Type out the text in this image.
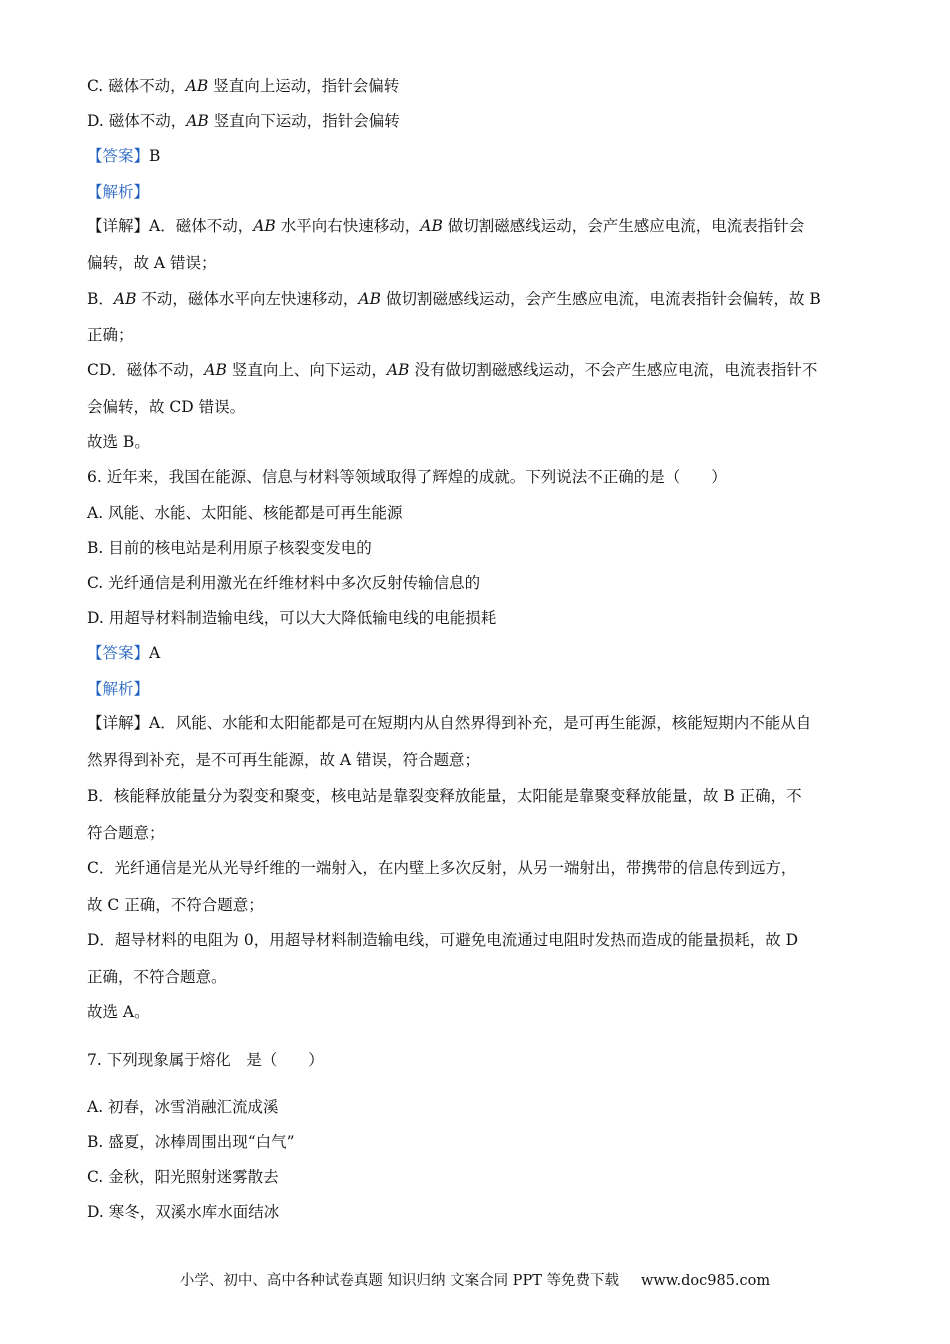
C. 磁体不动，AB 竖直向上运动，指针会偏转
D. 磁体不动，AB 竖直向下运动，指针会偏转
【答案】B
【解析】
【详解】A．磁体不动，AB 水平向右快速移动，AB 做切割磁感线运动，会产生感应电流，电流表指针会
偏转，故 A 错误；
B．AB 不动，磁体水平向左快速移动，AB 做切割磁感线运动，会产生感应电流，电流表指针会偏转，故 B
正确；
CD．磁体不动，AB 竖直向上、向下运动，AB 没有做切割磁感线运动，不会产生感应电流，电流表指针不
会偏转，故 CD 错误。
故选 B。
6. 近年来，我国在能源、信息与材料等领域取得了辉煌的成就。下列说法不正确的是（　　）
A. 风能、水能、太阳能、核能都是可再生能源
B. 目前的核电站是利用原子核裂变发电的
C. 光纤通信是利用激光在纤维材料中多次反射传输信息的
D. 用超导材料制造输电线，可以大大降低输电线的电能损耗
【答案】A
【解析】
【详解】A．风能、水能和太阳能都是可在短期内从自然界得到补充，是可再生能源，核能短期内不能从自
然界得到补充，是不可再生能源，故 A 错误，符合题意；
B．核能释放能量分为裂变和聚变，核电站是靠裂变释放能量，太阳能是靠聚变释放能量，故 B 正确，不
符合题意；
C．光纤通信是光从光导纤维的一端射入，在内壁上多次反射，从另一端射出，带携带的信息传到远方，
故 C 正确，不符合题意；
D．超导材料的电阻为 0，用超导材料制造输电线，可避免电流通过电阻时发热而造成的能量损耗，故 D
正确，不符合题意。
故选 A。
7. 下列现象属于熔化　是（　　）
A. 初春，冰雪消融汇流成溪
B. 盛夏，冰棒周围出现“白气”
C. 金秋，阳光照射迷雾散去
D. 寒冬，双溪水库水面结冰
小学、初中、高中各种试卷真题 知识归纳 文案合同 PPT 等免费下载 www.doc985.com
